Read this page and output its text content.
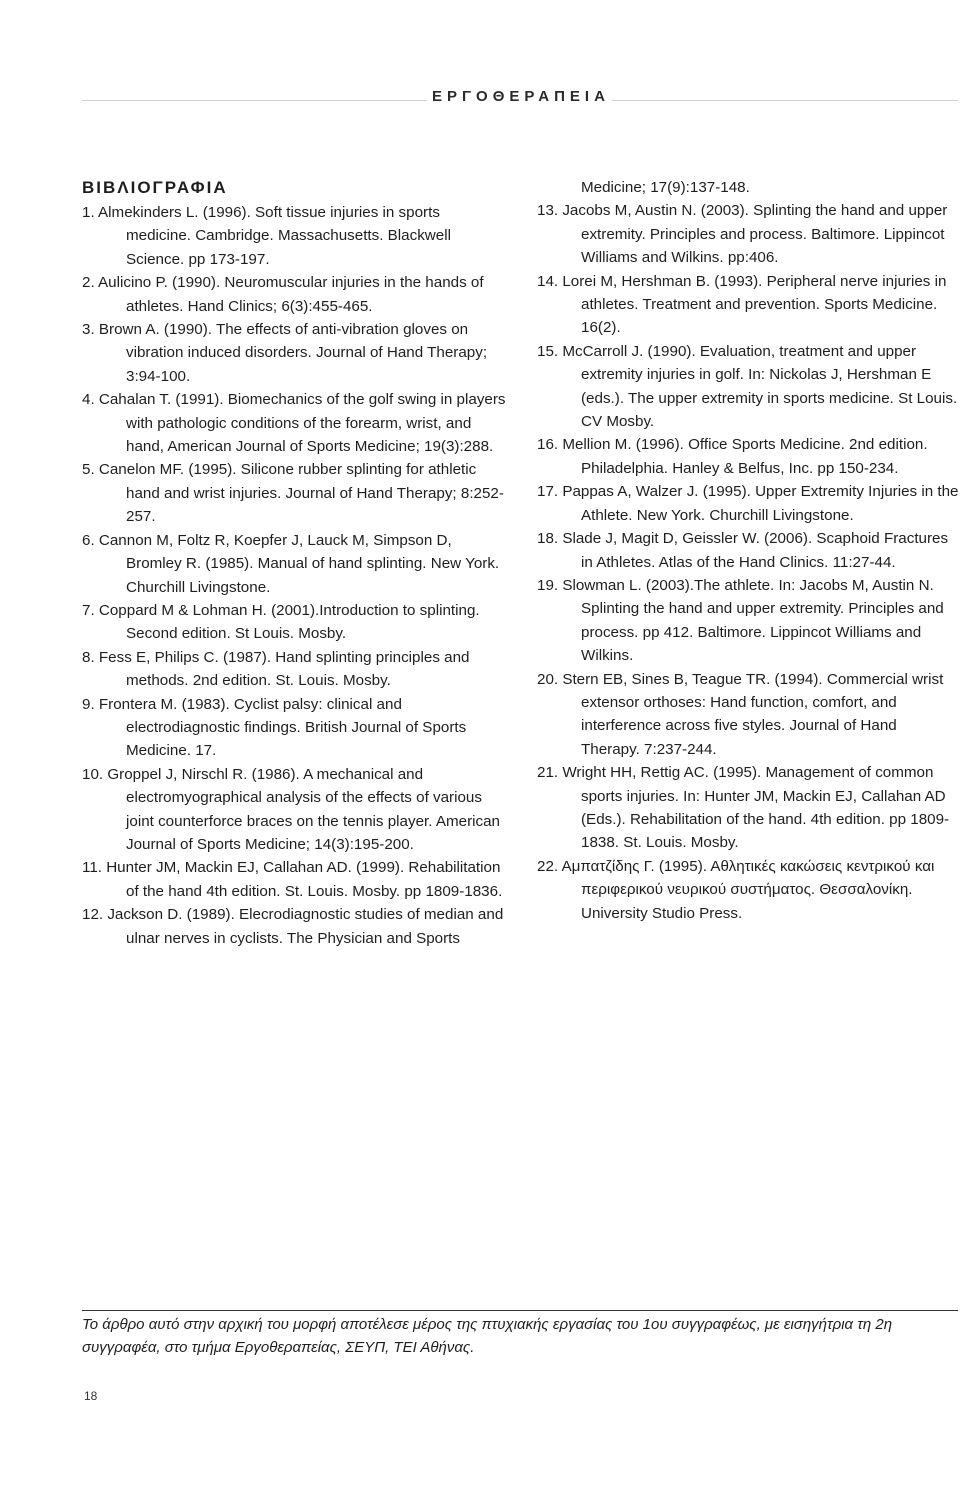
ΕΡΓΟΘΕΡΑΠΕΙΑ
ΒΙΒΛΙΟΓΡΑΦΙΑ

1. Almekinders L. (1996). Soft tissue injuries in sports medicine. Cambridge. Massachusetts. Blackwell Science. pp 173-197.

2. Aulicino P. (1990). Neuromuscular injuries in the hands of athletes. Hand Clinics; 6(3):455-465.

3. Brown A. (1990). The effects of anti-vibration gloves on vibration induced disorders. Journal of Hand Therapy; 3:94-100.

4. Cahalan T. (1991). Biomechanics of the golf swing in players with pathologic conditions of the forearm, wrist, and hand, American Journal of Sports Medicine; 19(3):288.

5. Canelon MF. (1995). Silicone rubber splinting for athletic hand and wrist injuries. Journal of Hand Therapy; 8:252-257.

6. Cannon M, Foltz R, Koepfer J, Lauck M, Simpson D, Bromley R. (1985). Manual of hand splinting. New York. Churchill Livingstone.

7. Coppard M & Lohman H. (2001).Introduction to splinting. Second edition. St Louis. Mosby.

8. Fess E, Philips C. (1987). Hand splinting principles and methods. 2nd edition. St. Louis. Mosby.

9. Frontera M. (1983). Cyclist palsy: clinical and electrodiagnostic findings. British Journal of Sports Medicine. 17.

10. Groppel J, Nirschl R. (1986). A mechanical and electromyographical analysis of the effects of various joint counterforce braces on the tennis player. American Journal of Sports Medicine; 14(3):195-200.

11. Hunter JM, Mackin EJ, Callahan AD. (1999). Rehabilitation of the hand 4th edition. St. Louis. Mosby. pp 1809-1836.

12. Jackson D. (1989). Elecrodiagnostic studies of median and ulnar nerves in cyclists. The Physician and Sports

Medicine; 17(9):137-148.

13. Jacobs M, Austin N. (2003). Splinting the hand and upper extremity. Principles and process. Baltimore. Lippincot Williams and Wilkins. pp:406.

14. Lorei M, Hershman B. (1993). Peripheral nerve injuries in athletes. Treatment and prevention. Sports Medicine. 16(2).

15. McCarroll J. (1990). Evaluation, treatment and upper extremity injuries in golf. In: Nickolas J, Hershman E (eds.). The upper extremity in sports medicine. St Louis. CV Mosby.

16. Mellion M. (1996). Office Sports Medicine. 2nd edition. Philadelphia. Hanley & Belfus, Inc. pp 150-234.

17. Pappas A, Walzer J. (1995). Upper Extremity Injuries in the Athlete. New York. Churchill Livingstone.

18. Slade J, Magit D, Geissler W. (2006). Scaphoid Fractures in Athletes. Atlas of the Hand Clinics. 11:27-44.

19. Slowman L. (2003).The athlete. In: Jacobs M, Austin N. Splinting the hand and upper extremity. Principles and process. pp 412. Baltimore. Lippincot Williams and Wilkins.

20. Stern EB, Sines B, Teague TR. (1994). Commercial wrist extensor orthoses: Hand function, comfort, and interference across five styles. Journal of Hand Therapy. 7:237-244.

21. Wright HH, Rettig AC. (1995). Management of common sports injuries. In: Hunter JM, Mackin EJ, Callahan AD (Eds.). Rehabilitation of the hand. 4th edition. pp 1809-1838. St. Louis. Mosby.

22. Αμπατζίδης Γ. (1995). Αθλητικές κακώσεις κεντρικού και περιφερικού νευρικού συστήματος. Θεσσαλονίκη. University Studio Press.

Το άρθρο αυτό στην αρχική του μορφή αποτέλεσε μέρος της πτυχιακής εργασίας του 1ου συγγραφέως, με εισηγήτρια τη 2η συγγραφέα, στο τμήμα Εργοθεραπείας, ΣΕΥΠ, ΤΕΙ Αθήνας.
18
